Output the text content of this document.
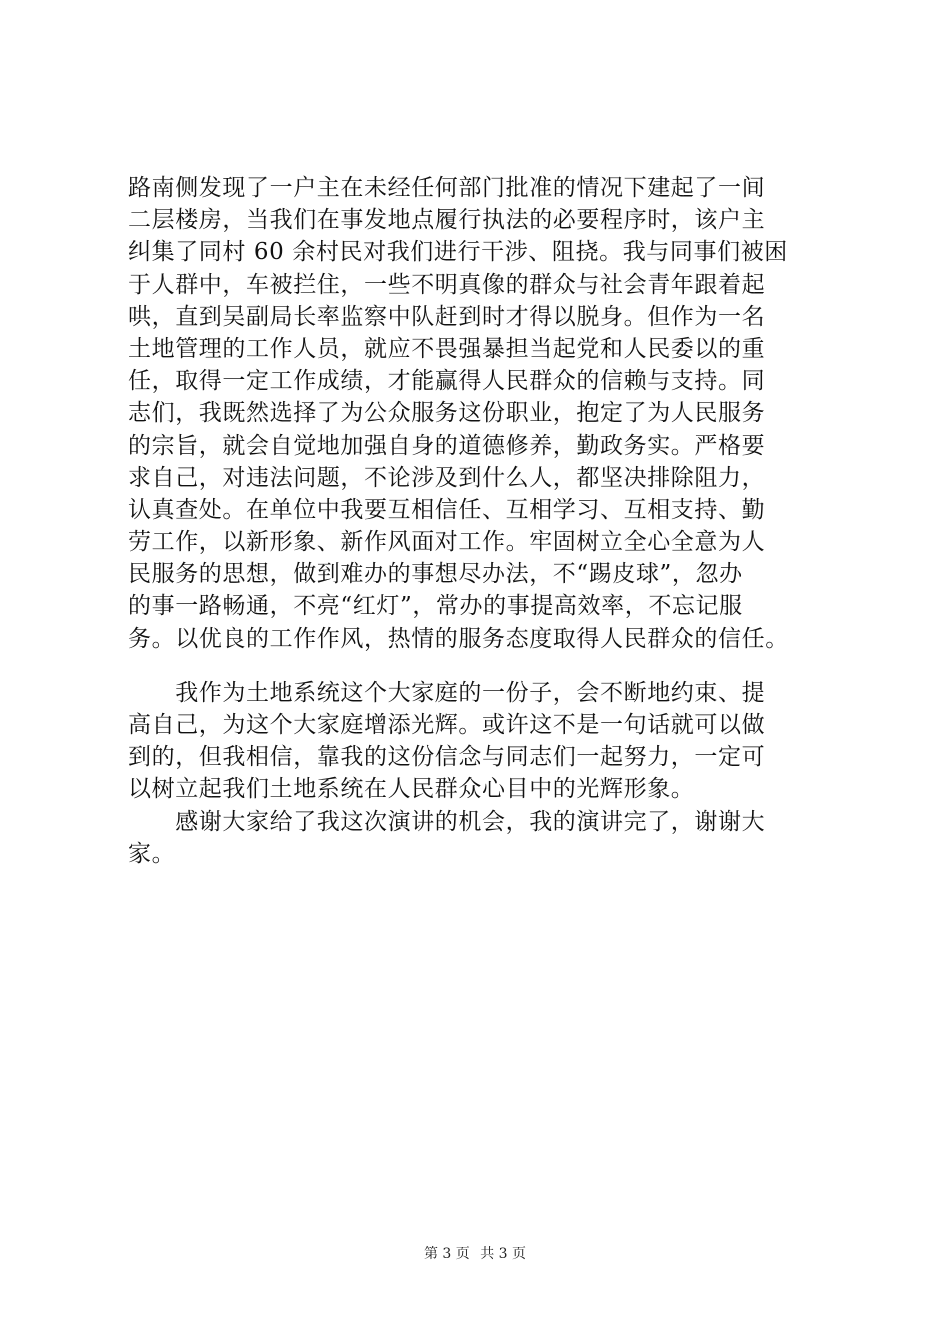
路南侧发现了一户主在未经任何部门批准的情况下建起了一间
二层楼房，当我们在事发地点履行执法的必要程序时，该户主
纠集了同村 60 余村民对我们进行干涉、阻挠。我与同事们被困
于人群中，车被拦住，一些不明真像的群众与社会青年跟着起
哄，直到吴副局长率监察中队赶到时才得以脱身。但作为一名
土地管理的工作人员，就应不畏强暴担当起党和人民委以的重
任，取得一定工作成绩，才能赢得人民群众的信赖与支持。同
志们，我既然选择了为公众服务这份职业，抱定了为人民服务
的宗旨，就会自觉地加强自身的道德修养，勤政务实。严格要
求自己，对违法问题，不论涉及到什么人，都坚决排除阻力，
认真查处。在单位中我要互相信任、互相学习、互相支持、勤
劳工作，以新形象、新作风面对工作。牢固树立全心全意为人
民服务的思想，做到难办的事想尽办法，不“踢皮球”，忽办
的事一路畅通，不亮“红灯”，常办的事提高效率，不忘记服
务。以优良的工作作风，热情的服务态度取得人民群众的信任。
　　我作为土地系统这个大家庭的一份子，会不断地约束、提
高自己，为这个大家庭增添光辉。或许这不是一句话就可以做
到的，但我相信，靠我的这份信念与同志们一起努力，一定可
以树立起我们土地系统在人民群众心目中的光辉形象。
　　感谢大家给了我这次演讲的机会，我的演讲完了，谢谢大
家。
第 3 页 共 3 页
